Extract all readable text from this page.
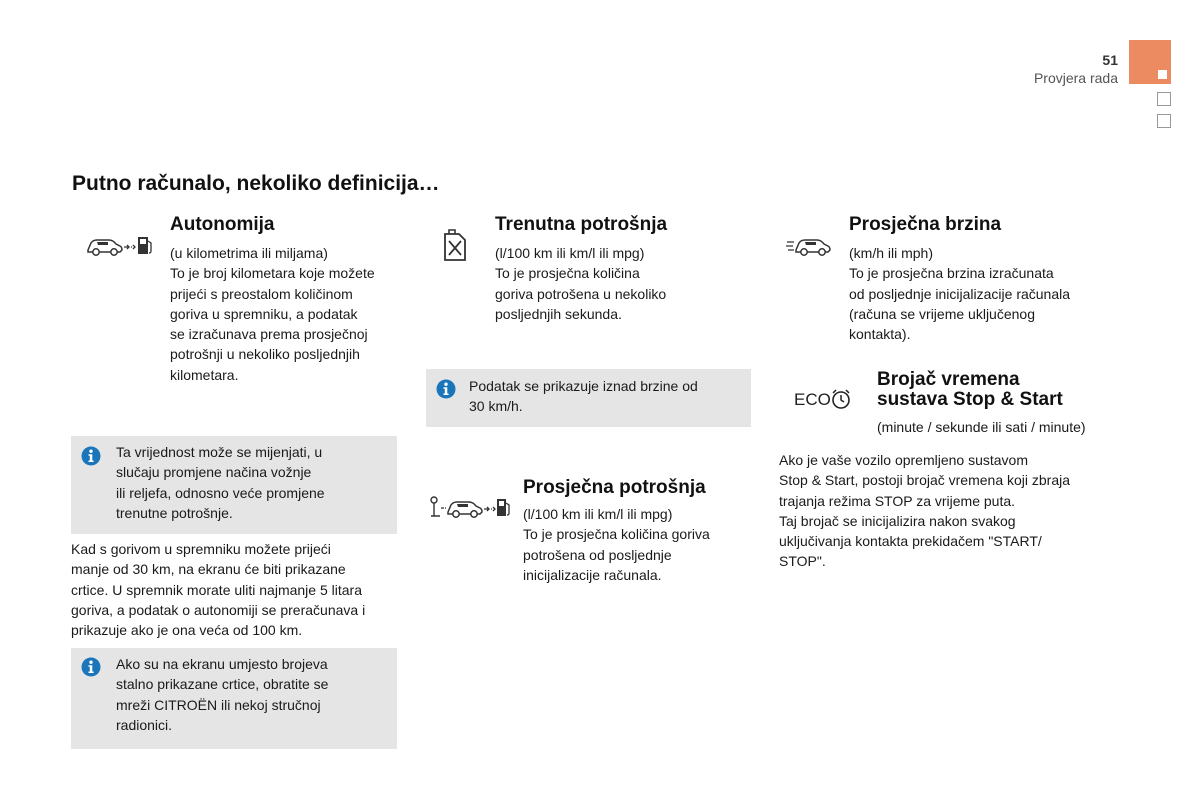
51
Provjera rada
Putno računalo, nekoliko definicija…
Autonomija
(u kilometrima ili miljama)
To je broj kilometara koje možete
prijeći s preostalom količinom
goriva u spremniku, a podatak
se izračunava prema prosječnoj
potrošnji u nekoliko posljednjih
kilometara.
Ta vrijednost može se mijenjati, u
slučaju promjene načina vožnje
ili reljefa, odnosno veće promjene
trenutne potrošnje.
Kad s gorivom u spremniku možete prijeći
manje od 30 km, na ekranu će biti prikazane
crtice. U spremnik morate uliti najmanje 5 litara
goriva, a podatak o autonomiji se preračunava i
prikazuje ako je ona veća od 100 km.
Ako su na ekranu umjesto brojeva
stalno prikazane crtice, obratite se
mreži CITROËN ili nekoj stručnoj
radionici.
Trenutna potrošnja
(l/100 km ili km/l ili mpg)
To je prosječna količina
goriva potrošena u nekoliko
posljednjih sekunda.
Podatak se prikazuje iznad brzine od
30 km/h.
Prosječna potrošnja
(l/100 km ili km/l ili mpg)
To je prosječna količina goriva
potrošena od posljednje
inicijalizacije računala.
Prosječna brzina
(km/h ili mph)
To je prosječna brzina izračunata
od posljednje inicijalizacije računala
(računa se vrijeme uključenog
kontakta).
ECO
Brojač vremena
sustava Stop & Start
(minute / sekunde ili sati / minute)
Ako je vaše vozilo opremljeno sustavom
Stop & Start, postoji brojač vremena koji zbraja
trajanja režima STOP za vrijeme puta.
Taj brojač se inicijalizira nakon svakog
uključivanja kontakta prekidačem "START/
STOP".
